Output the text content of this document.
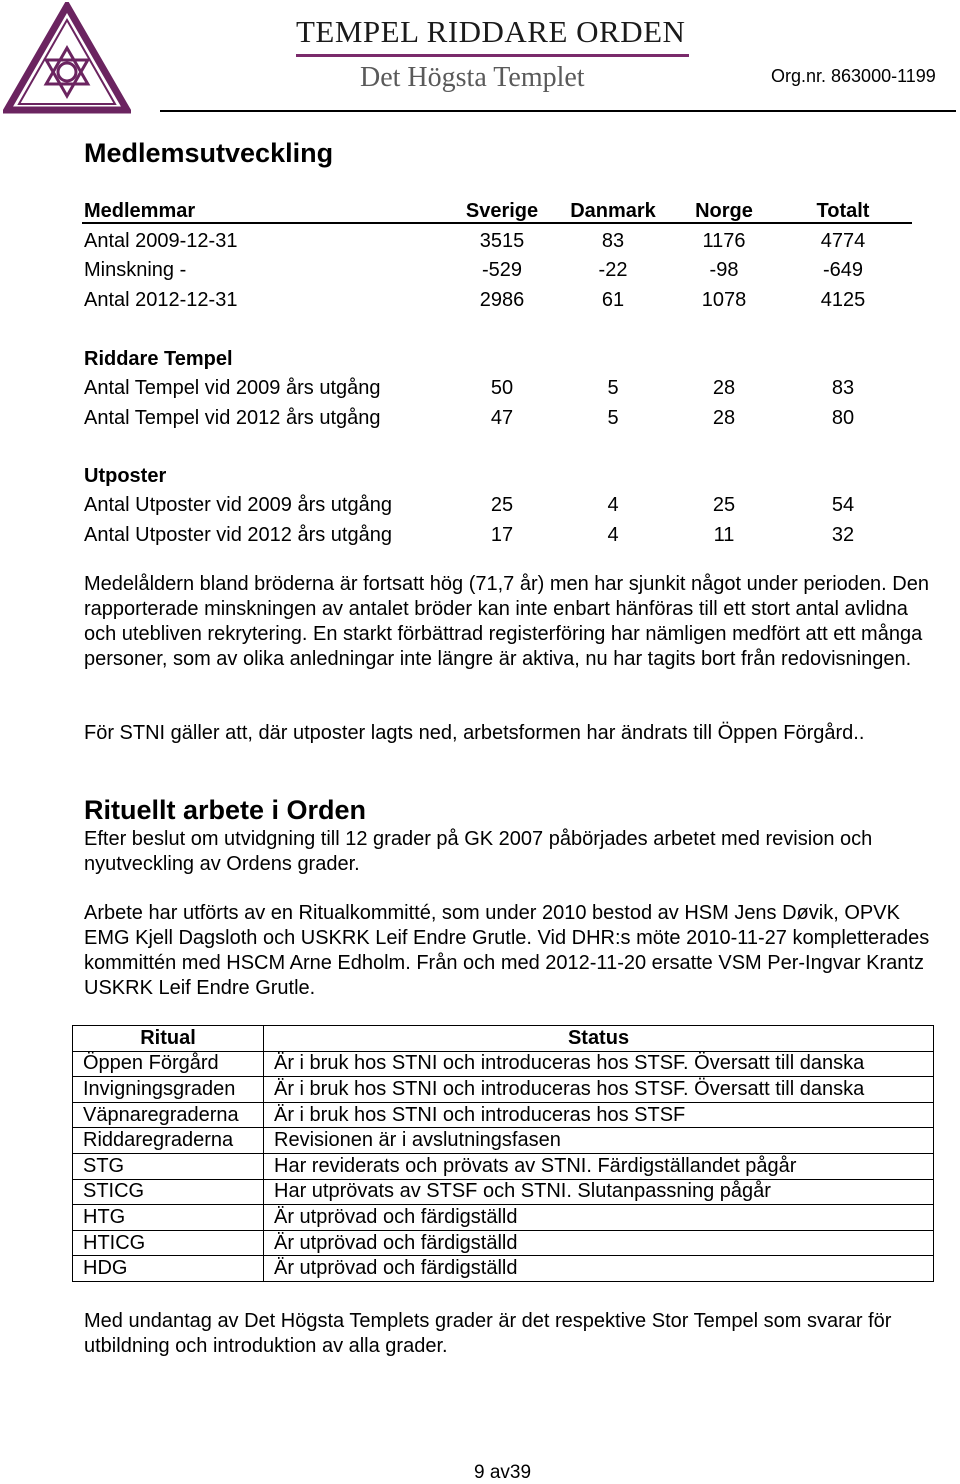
TEMPEL RIDDARE ORDEN
Det Högsta Templet	Org.nr. 863000-1199
Medlemsutveckling
Medlemmar	Sverige	Danmark	Norge	Totalt
Antal 2009-12-31	3515	83	1176	4774
Minskning -	-529	-22	-98	-649
Antal 2012-12-31	2986	61	1078	4125
Riddare Tempel
Antal Tempel vid 2009 års utgång	50	5	28	83
Antal Tempel vid 2012 års utgång	47	5	28	80
Utposter
Antal Utposter vid 2009 års utgång	25	4	25	54
Antal Utposter vid 2012 års utgång	17	4	11	32

Medelåldern bland bröderna är fortsatt hög (71,7 år) men har sjunkit något under perioden. Den rapporterade minskningen av antalet bröder kan inte enbart hänföras till ett stort antal avlidna och utebliven rekrytering. En starkt förbättrad registerföring har nämligen medfört att ett många personer, som av olika anledningar inte längre är aktiva, nu har tagits bort från redovisningen.

För STNI gäller att, där utposter lagts ned, arbetsformen har ändrats till Öppen Förgård..

Rituellt arbete i Orden

Efter beslut om utvidgning till 12 grader på GK 2007 påbörjades arbetet med revision och nyutveckling av Ordens grader.

Arbete har utförts av en Ritualkommitté, som under 2010 bestod av HSM Jens Døvik, OPVK EMG Kjell Dagsloth och USKRK Leif Endre Grutle. Vid DHR:s möte 2010-11-27 kompletterades kommittén med HSCM Arne Edholm. Från och med 2012-11-20 ersatte VSM Per-Ingvar Krantz USKRK Leif Endre Grutle.

Ritual	Status
Öppen Förgård	Är i bruk hos STNI och introduceras hos STSF. Översatt till danska
Invigningsgraden	Är i bruk hos STNI och introduceras hos STSF. Översatt till danska
Väpnaregraderna	Är i bruk hos STNI och introduceras hos STSF
Riddaregraderna	Revisionen är i avslutningsfasen
STG	Har reviderats och prövats av STNI. Färdigställandet pågår
STICG	Har utprövats av STSF och STNI. Slutanpassning pågår
HTG	Är utprövad och färdigställd
HTICG	Är utprövad och färdigställd
HDG	Är utprövad och färdigställd

Med undantag av Det Högsta Templets grader är det respektive Stor Tempel som svarar för utbildning och introduktion av alla grader.

9 av39
